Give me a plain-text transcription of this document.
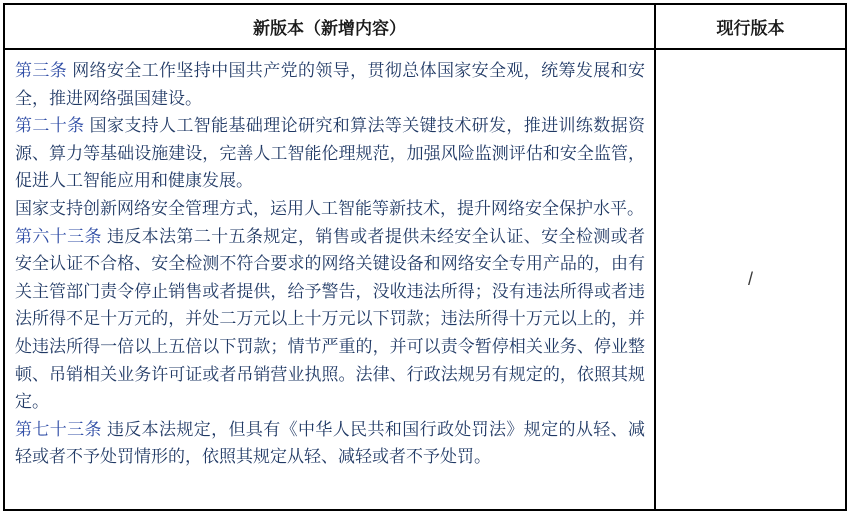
新版本（新增内容）	现行版本

第三条 网络安全工作坚持中国共产党的领导，贯彻总体国家安全观，统筹发展和安全，推进网络强国建设。

第二十条 国家支持人工智能基础理论研究和算法等关键技术研发，推进训练数据资源、算力等基础设施建设，完善人工智能伦理规范，加强风险监测评估和安全监管，促进人工智能应用和健康发展。

国家支持创新网络安全管理方式，运用人工智能等新技术，提升网络安全保护水平。

第六十三条 违反本法第二十五条规定，销售或者提供未经安全认证、安全检测或者安全认证不合格、安全检测不符合要求的网络关键设备和网络安全专用产品的，由有关主管部门责令停止销售或者提供，给予警告，没收违法所得；没有违法所得或者违法所得不足十万元的，并处二万元以上十万元以下罚款；违法所得十万元以上的，并处违法所得一倍以上五倍以下罚款；情节严重的，并可以责令暂停相关业务、停业整顿、吊销相关业务许可证或者吊销营业执照。法律、行政法规另有规定的，依照其规定。

第七十三条 违反本法规定，但具有《中华人民共和国行政处罚法》规定的从轻、减轻或者不予处罚情形的，依照其规定从轻、减轻或者不予处罚。

/
